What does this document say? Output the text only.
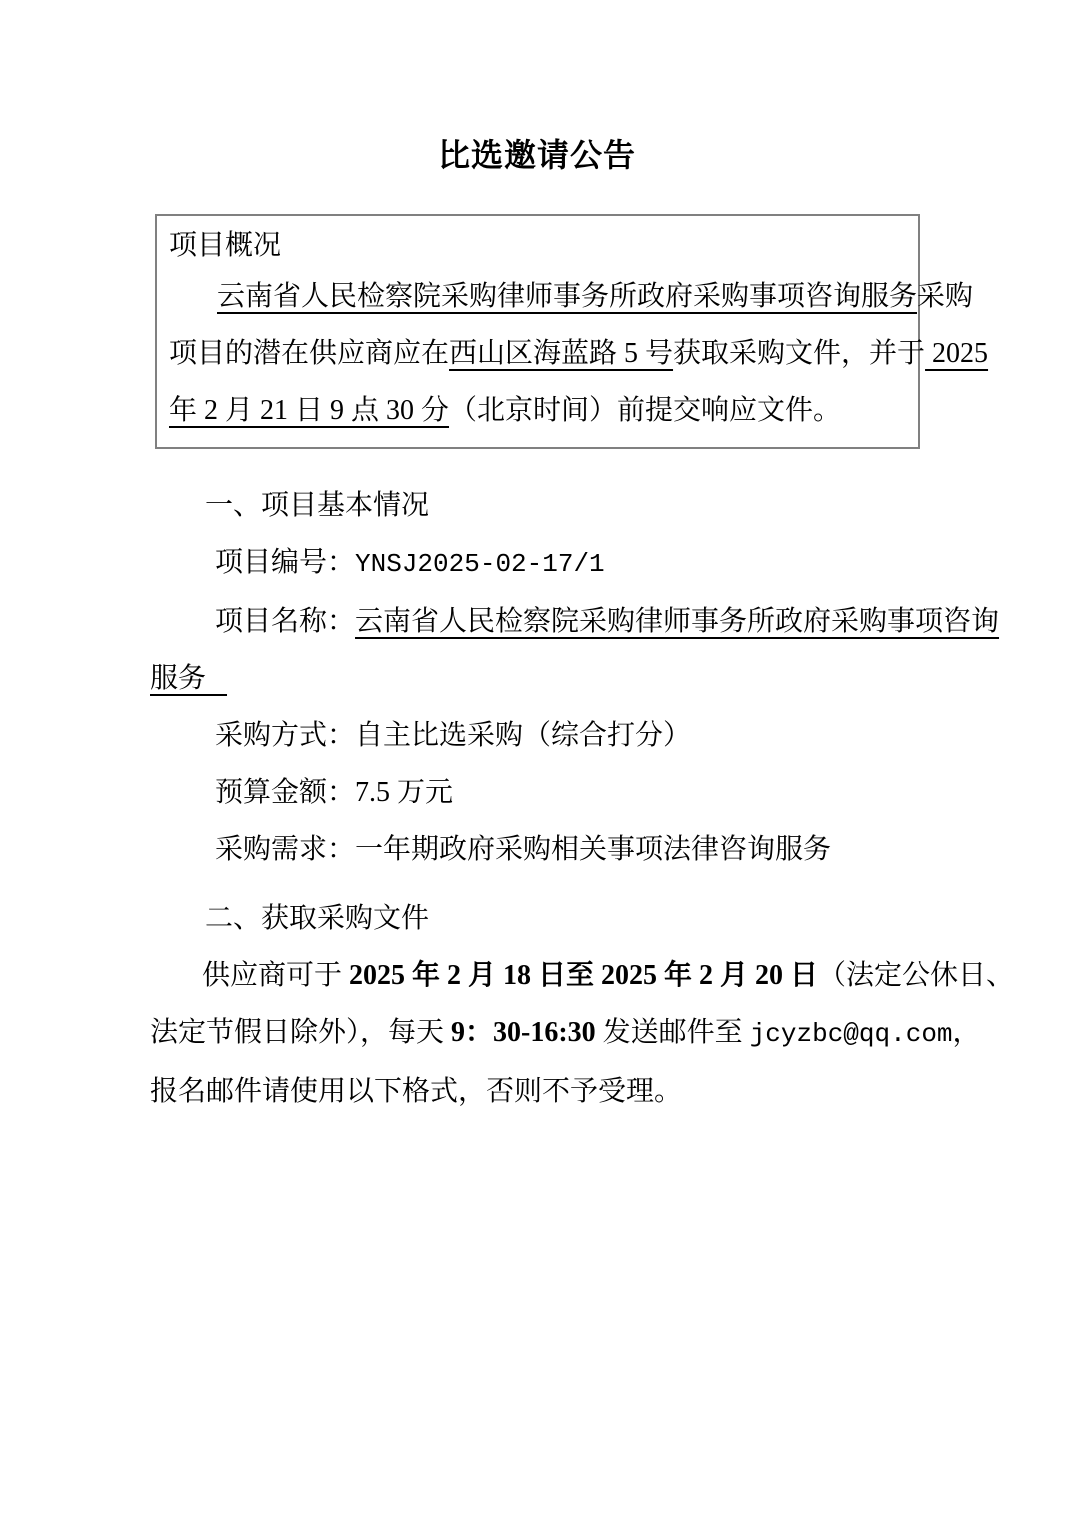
比选邀请公告
项目概况
云南省人民检察院采购律师事务所政府采购事项咨询服务采购
项目的潜在供应商应在西山区海蓝路 5 号获取采购文件，并于 2025
年 2 月 21 日 9 点 30 分（北京时间）前提交响应文件。
一、项目基本情况
项目编号：YNSJ2025-02-17/1
项目名称：云南省人民检察院采购律师事务所政府采购事项咨询
服务
采购方式：自主比选采购（综合打分）
预算金额：7.5 万元
采购需求：一年期政府采购相关事项法律咨询服务
二、获取采购文件
供应商可于 2025 年 2 月 18 日至 2025 年 2 月 20 日（法定公休日、
法定节假日除外），每天 9：30-16:30 发送邮件至 jcyzbc@qq.com，
报名邮件请使用以下格式，否则不予受理。
